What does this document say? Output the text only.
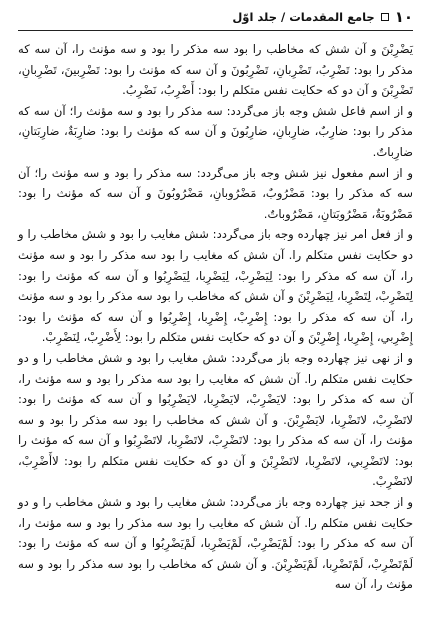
١٠
جامع المقدمات / جلد اوّل

يَضْرِبْنَ و آن شش که مخاطب را بود سه مذکر را بود و سه مؤنث را، آن سه که مذکر را بود: تَضْرِبُ، تَضْرِبانِ، تَضْرِبُونَ و آن سه که مؤنث را بود: تَضْرِبينَ، تَضْرِبانِ، تَضْرِبْنَ و آن دو که حکایت نفس متکلم را بود: أَضْرِبُ، نَضْرِبُ.

و از اسم فاعل شش وجه باز می‌گردد: سه مذکر را بود و سه مؤنث را؛ آن سه که مذکر را بود: ضارِبٌ، ضارِبانِ، ضارِبُونَ و آن سه که مؤنث را بود: ضارِبَةٌ، ضارِبَتانِ، ضارِباتٌ.

و از اسم مفعول نیز شش وجه باز می‌گردد: سه مذکر را بود و سه مؤنث را؛ آن سه که مذکر را بود: مَضْرُوبٌ، مَضْرُوبانِ، مَضْرُوبُونَ و آن سه که مؤنث را بود: مَضْرُوبَةٌ، مَضْرُوبَتانِ، مَضْرُوباتٌ.

و از فعل امر نیز چهارده وجه باز می‌گردد: شش مغایب را بود و شش مخاطب را و دو حکایت نفس متکلم را. آن شش که مغایب را بود سه مذکر را بود و سه مؤنث را، آن سه که مذکر را بود: لِيَضْرِبْ، لِيَضْرِبا، لِيَضْرِبُوا و آن سه که مؤنث را بود: لِتَضْرِبْ، لِتَضْرِبا، لِيَضْرِبْنَ و آن شش که مخاطب را بود سه مذکر را بود و سه مؤنث را، آن سه که مذکر را بود: إِضْرِبْ، إِضْرِبا، إِضْرِبُوا و آن سه که مؤنث را بود: إِضْرِبي، إِضْرِبا، إِضْرِبْنَ و آن دو که حکایت نفس متکلم را بود: لِأَضْرِبْ، لِنَضْرِبْ.

و از نهی نیز چهارده وجه باز می‌گردد: شش مغایب را بود و شش مخاطب را و دو حکایت نفس متکلم را. آن شش که مغایب را بود سه مذکر را بود و سه مؤنث را، آن سه که مذکر را بود: لایَضْرِبْ، لایَضْرِبا، لایَضْرِبُوا و آن سه که مؤنث را بود: لاتَضْرِبْ، لاتَضْرِبا، لایَضْرِبْنَ. و آن شش که مخاطب را بود سه مذکر را بود و سه مؤنث را، آن سه که مذکر را بود: لاتَضْرِبْ، لاتَضْرِبا، لاتَضْرِبُوا و آن سه که مؤنث را بود: لاتَضْرِبي، لاتَضْرِبا، لاتَضْرِبْنَ و آن دو که حکایت نفس متکلم را بود: لاأَضْرِبْ، لانَضْرِبْ.

و از جحد نیز چهارده وجه باز می‌گردد: شش مغایب را بود و شش مخاطب را و دو حکایت نفس متکلم را. آن شش که مغایب را بود سه مذکر را بود و سه مؤنث را، آن سه که مذکر را بود: لَمْ‌يَضْرِبْ، لَمْ‌يَضْرِبا، لَمْ‌يَضْرِبُوا و آن سه که مؤنث را بود: لَمْ‌تَضْرِبْ، لَمْ‌تَضْرِبا، لَمْ‌يَضْرِبْنَ. و آن شش که مخاطب را بود سه مذکر را بود و سه مؤنث را، آن سه
